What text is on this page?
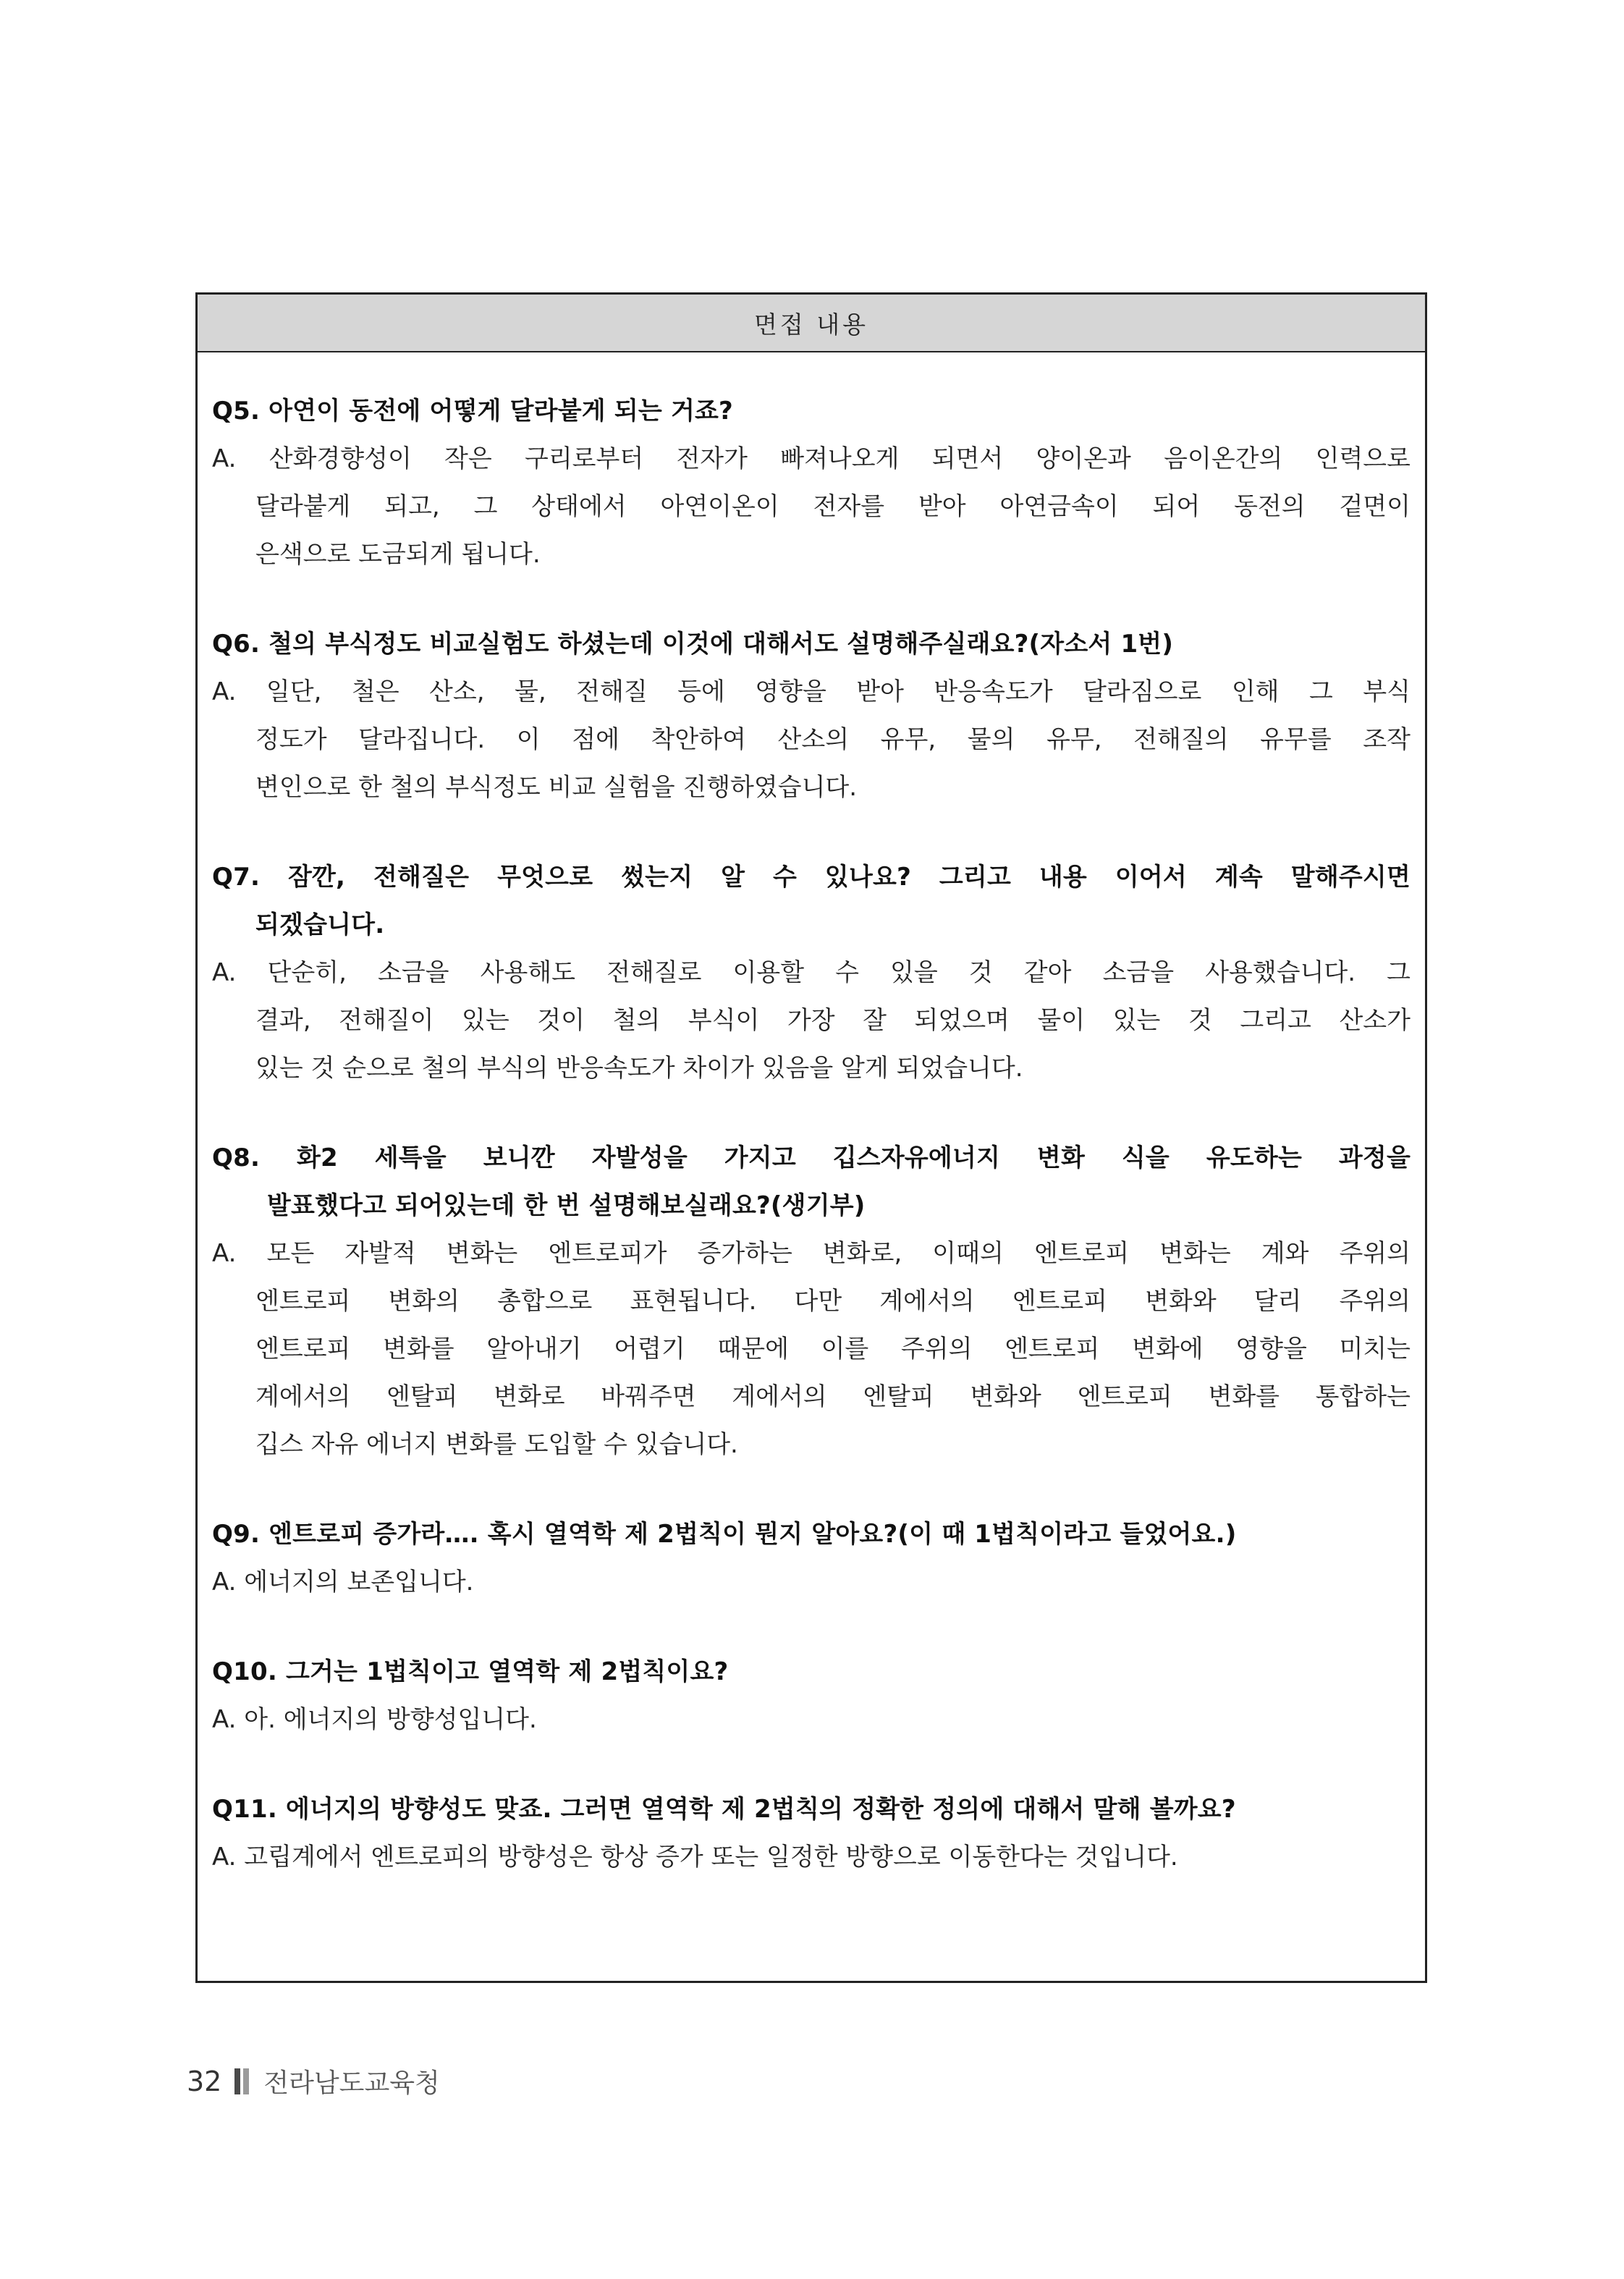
면접 내용
Q5. 아연이 동전에 어떻게 달라붙게 되는 거죠?
A. 산화경향성이 작은 구리로부터 전자가 빠져나오게 되면서 양이온과 음이온간의 인력으로
달라붙게 되고, 그 상태에서 아연이온이 전자를 받아 아연금속이 되어 동전의 겉면이
은색으로 도금되게 됩니다.
Q6. 철의 부식정도 비교실험도 하셨는데 이것에 대해서도 설명해주실래요?(자소서 1번)
A. 일단, 철은 산소, 물, 전해질 등에 영향을 받아 반응속도가 달라짐으로 인해 그 부식
정도가 달라집니다. 이 점에 착안하여 산소의 유무, 물의 유무, 전해질의 유무를 조작
변인으로 한 철의 부식정도 비교 실험을 진행하였습니다.
Q7. 잠깐, 전해질은 무엇으로 썼는지 알 수 있나요? 그리고 내용 이어서 계속 말해주시면
되겠습니다.
A. 단순히, 소금을 사용해도 전해질로 이용할 수 있을 것 같아 소금을 사용했습니다. 그
결과, 전해질이 있는 것이 철의 부식이 가장 잘 되었으며 물이 있는 것 그리고 산소가
있는 것 순으로 철의 부식의 반응속도가 차이가 있음을 알게 되었습니다.
Q8. 화2 세특을 보니깐 자발성을 가지고 깁스자유에너지 변화 식을 유도하는 과정을
발표했다고 되어있는데 한 번 설명해보실래요?(생기부)
A. 모든 자발적 변화는 엔트로피가 증가하는 변화로, 이때의 엔트로피 변화는 계와 주위의
엔트로피 변화의 총합으로 표현됩니다. 다만 계에서의 엔트로피 변화와 달리 주위의
엔트로피 변화를 알아내기 어렵기 때문에 이를 주위의 엔트로피 변화에 영향을 미치는
계에서의 엔탈피 변화로 바꿔주면 계에서의 엔탈피 변화와 엔트로피 변화를 통합하는
깁스 자유 에너지 변화를 도입할 수 있습니다.
Q9. 엔트로피 증가라…. 혹시 열역학 제 2법칙이 뭔지 알아요?(이 때 1법칙이라고 들었어요.)
A. 에너지의 보존입니다.
Q10. 그거는 1법칙이고 열역학 제 2법칙이요?
A. 아. 에너지의 방향성입니다.
Q11. 에너지의 방향성도 맞죠. 그러면 열역학 제 2법칙의 정확한 정의에 대해서 말해 볼까요?
A. 고립계에서 엔트로피의 방향성은 항상 증가 또는 일정한 방향으로 이동한다는 것입니다.
32 전라남도교육청
